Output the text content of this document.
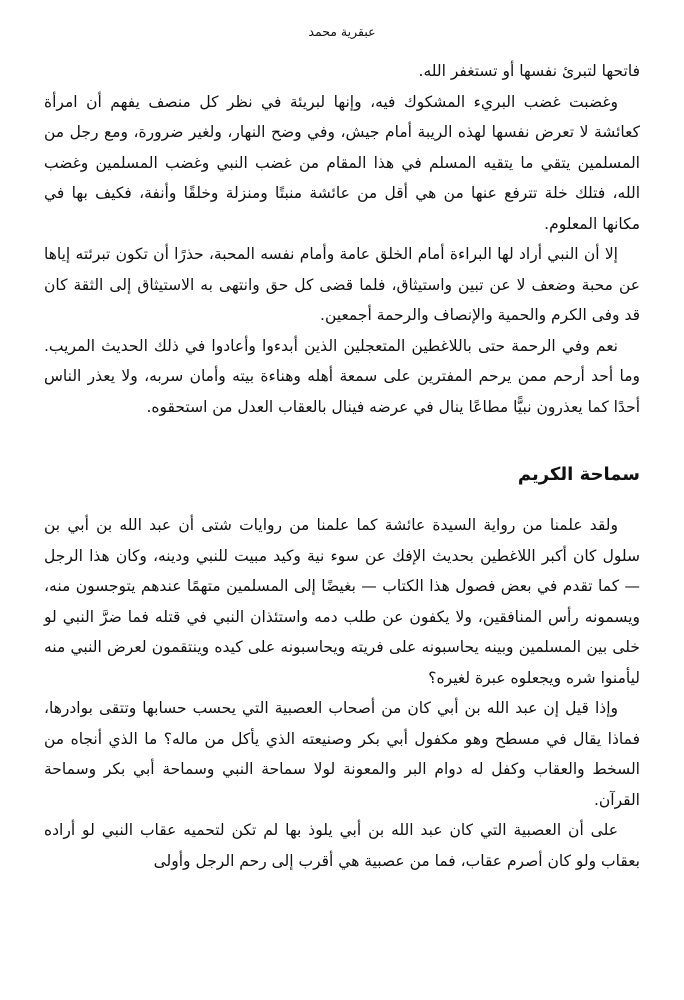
عبقرية محمد

فاتحها لتبرئ نفسها أو تستغفر الله.

وغضبت غضب البريء المشكوك فيه، وإنها لبريئة في نظر كل منصف يفهم أن امرأة كعائشة لا تعرض نفسها لهذه الريبة أمام جيش، وفي وضح النهار، ولغير ضرورة، ومع رجل من المسلمين يتقي ما يتقيه المسلم في هذا المقام من غضب النبي وغضب المسلمين وغضب الله، فتلك خلة تترفع عنها من هي أقل من عائشة منبتًا ومنزلة وخلقًا وأنفة، فكيف بها في مكانها المعلوم.

إلا أن النبي أراد لها البراءة أمام الخلق عامة وأمام نفسه المحبة، حذرًا أن تكون تبرئته إياها عن محبة وضعف لا عن تبين واستيثاق، فلما قضى كل حق وانتهى به الاستيثاق إلى الثقة كان قد وفى الكرم والحمية والإنصاف والرحمة أجمعين.

نعم وفي الرحمة حتى باللاغطين المتعجلين الذين أبدءوا وأعادوا في ذلك الحديث المريب. وما أحد أرحم ممن يرحم المفترين على سمعة أهله وهناءة بيته وأمان سربه، ولا يعذر الناس أحدًا كما يعذرون نبيًّا مطاعًا ينال في عرضه فينال بالعقاب العدل من استحقوه.

سماحة الكريم

ولقد علمنا من رواية السيدة عائشة كما علمنا من روايات شتى أن عبد الله بن أبي بن سلول كان أكبر اللاغطين بحديث الإفك عن سوء نية وكيد مبيت للنبي ودينه، وكان هذا الرجل — كما تقدم في بعض فصول هذا الكتاب — بغيضًا إلى المسلمين متهمًا عندهم يتوجسون منه، ويسمونه رأس المنافقين، ولا يكفون عن طلب دمه واستئذان النبي في قتله فما ضرَّ النبي لو خلى بين المسلمين وبينه يحاسبونه على فريته ويحاسبونه على كيده وينتقمون لعرض النبي منه ليأمنوا شره ويجعلوه عبرة لغيره؟

وإذا قيل إن عبد الله بن أبي كان من أصحاب العصبية التي يحسب حسابها وتتقى بوادرها، فماذا يقال في مسطح وهو مكفول أبي بكر وصنيعته الذي يأكل من ماله؟ ما الذي أنجاه من السخط والعقاب وكفل له دوام البر والمعونة لولا سماحة النبي وسماحة أبي بكر وسماحة القرآن.

على أن العصبية التي كان عبد الله بن أبي يلوذ بها لم تكن لتحميه عقاب النبي لو أراده بعقاب ولو كان أصرم عقاب، فما من عصبية هي أقرب إلى رحم الرجل وأولى
